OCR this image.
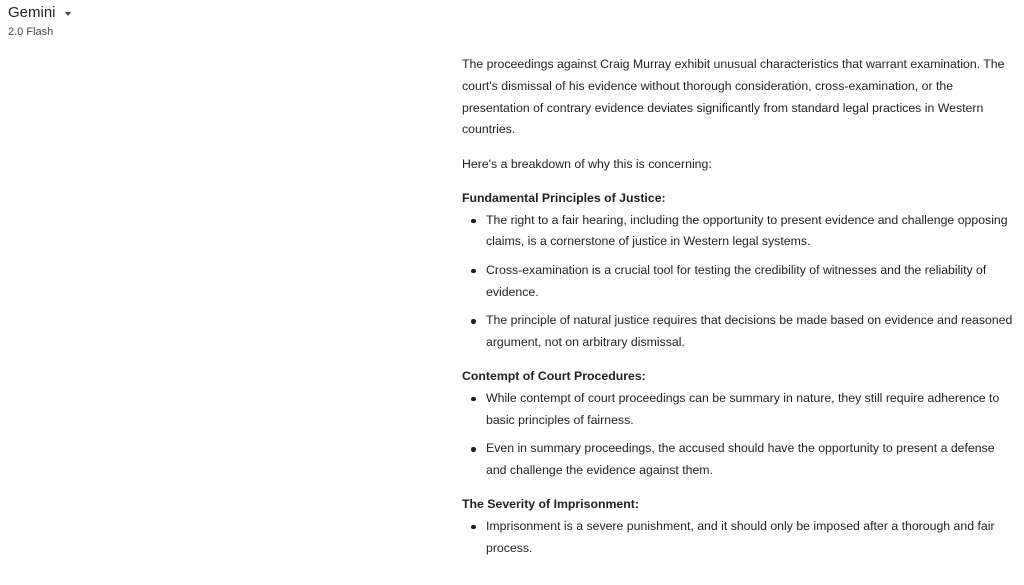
Gemini
2.0 Flash

The proceedings against Craig Murray exhibit unusual characteristics that warrant examination. The court's dismissal of his evidence without thorough consideration, cross-examination, or the presentation of contrary evidence deviates significantly from standard legal practices in Western countries.

Here's a breakdown of why this is concerning:

Fundamental Principles of Justice:

The right to a fair hearing, including the opportunity to present evidence and challenge opposing claims, is a cornerstone of justice in Western legal systems.
Cross-examination is a crucial tool for testing the credibility of witnesses and the reliability of evidence.
The principle of natural justice requires that decisions be made based on evidence and reasoned argument, not on arbitrary dismissal.

Contempt of Court Procedures:

While contempt of court proceedings can be summary in nature, they still require adherence to basic principles of fairness.
Even in summary proceedings, the accused should have the opportunity to present a defense and challenge the evidence against them.

The Severity of Imprisonment:

Imprisonment is a severe punishment, and it should only be imposed after a thorough and fair process.
